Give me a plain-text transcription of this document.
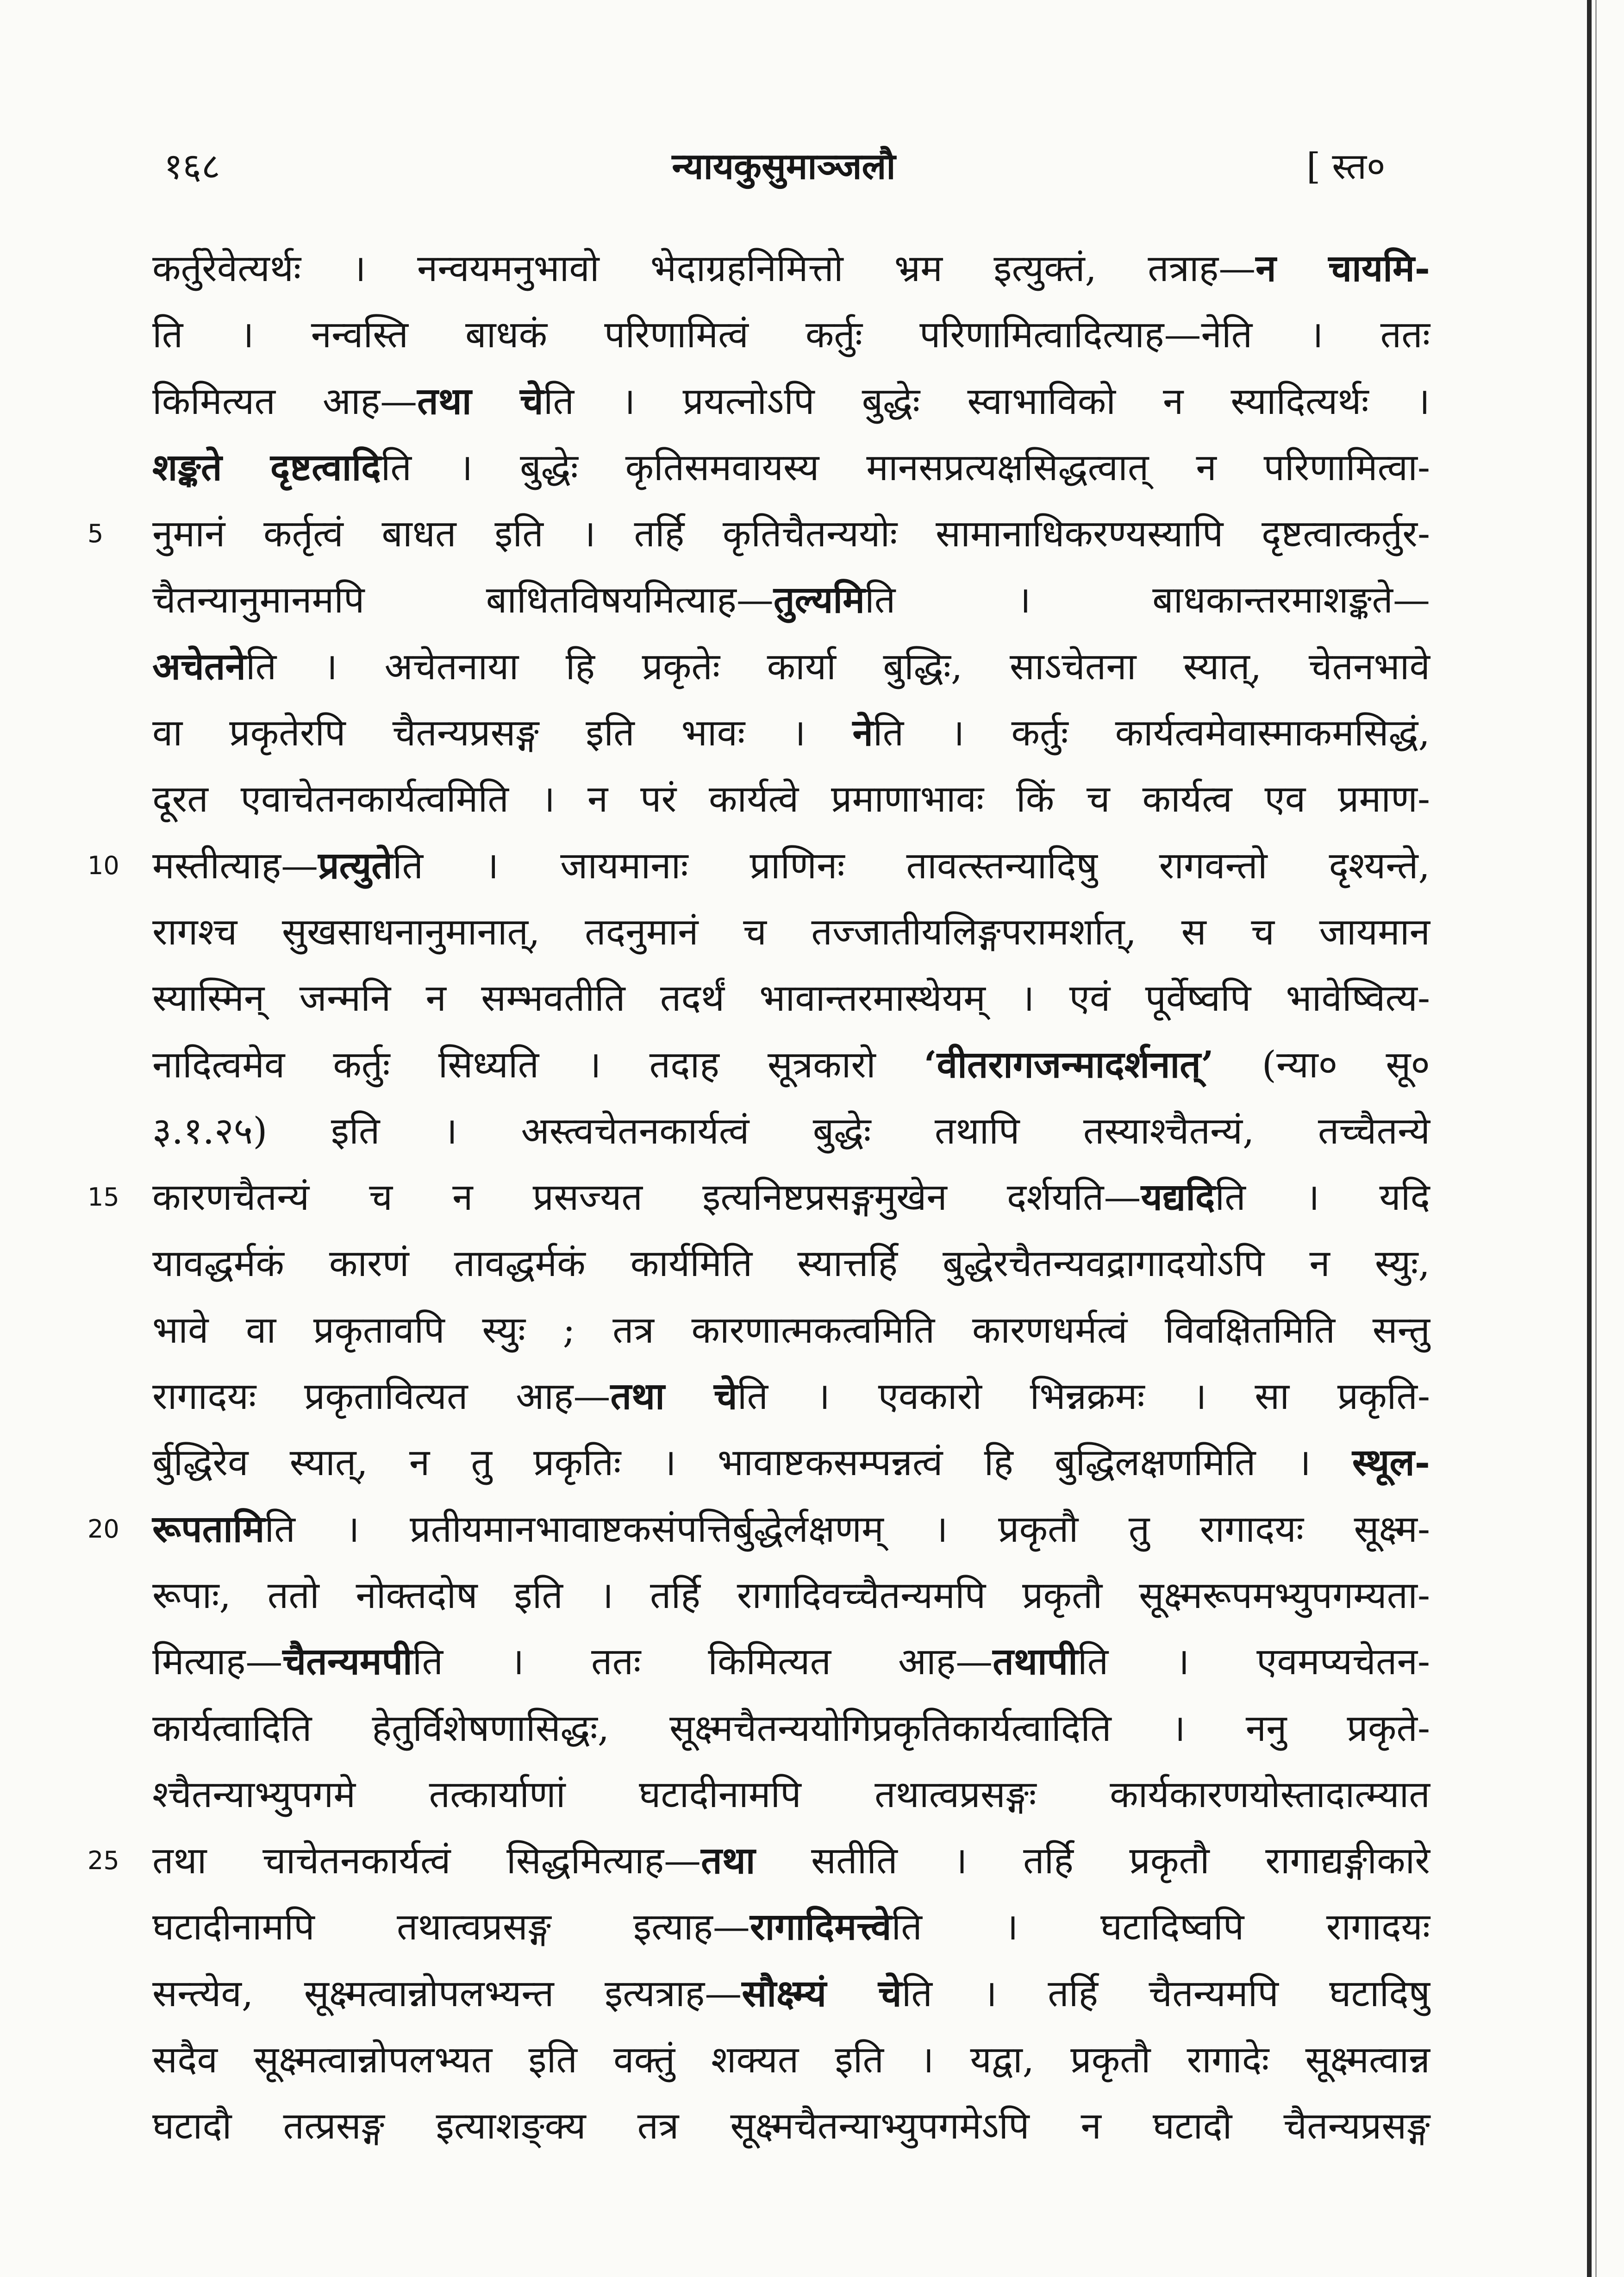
१६८	न्यायकुसुमाञ्जलौ	[ स्त०
कर्तुरेवेत्यर्थः । नन्वयमनुभावो भेदाग्रहनिमित्तो भ्रम इत्युक्तं, तत्राह—न चायमि-
ति । नन्वस्ति बाधकं परिणामित्वं कर्तुः परिणामित्वादित्याह—नेति । ततः
किमित्यत आह—तथा चेति । प्रयत्नोऽपि बुद्धेः स्वाभाविको न स्यादित्यर्थः ।
शङ्कते दृष्टत्वादिति । बुद्धेः कृतिसमवायस्य मानसप्रत्यक्षसिद्धत्वात् न परिणामित्वा-
5	नुमानं कर्तृत्वं बाधत इति । तर्हि कृतिचैतन्ययोः सामानाधिकरण्यस्यापि दृष्टत्वात्कर्तुर-
चैतन्यानुमानमपि बाधितविषयमित्याह—तुल्यमिति । बाधकान्तरमाशङ्कते—
अचेतनेति । अचेतनाया हि प्रकृतेः कार्या बुद्धिः, साऽचेतना स्यात्, चेतनभावे
वा प्रकृतेरपि चैतन्यप्रसङ्ग इति भावः । नेति । कर्तुः कार्यत्वमेवास्माकमसिद्धं,
दूरत एवाचेतनकार्यत्वमिति । न परं कार्यत्वे प्रमाणाभावः किं च कार्यत्व एव प्रमाण-
10 मस्तीत्याह—प्रत्युतेति । जायमानाः प्राणिनः तावत्स्तन्यादिषु रागवन्तो दृश्यन्ते,
रागश्च सुखसाधनानुमानात्, तदनुमानं च तज्जातीयलिङ्गपरामर्शात्, स च जायमान
स्यास्मिन् जन्मनि न सम्भवतीति तदर्थं भावान्तरमास्थेयम् । एवं पूर्वेष्वपि भावेष्वित्य-
नादित्वमेव कर्तुः सिध्यति । तदाह सूत्रकारो ‘वीतरागजन्मादर्शनात्’ (न्या० सू०
३.१.२५) इति । अस्त्वचेतनकार्यत्वं बुद्धेः तथापि तस्याश्चैतन्यं, तच्चैतन्ये
15 कारणचैतन्यं च न प्रसज्यत इत्यनिष्टप्रसङ्गमुखेन दर्शयति—यद्यदिति । यदि
यावद्धर्मकं कारणं तावद्धर्मकं कार्यमिति स्यात्तर्हि बुद्धेरचैतन्यवद्रागादयोऽपि न स्युः,
भावे वा प्रकृतावपि स्युः ; तत्र कारणात्मकत्वमिति कारणधर्मत्वं विवक्षितमिति सन्तु
रागादयः प्रकृतावित्यत आह—तथा चेति । एवकारो भिन्नक्रमः । सा प्रकृति-
र्बुद्धिरेव स्यात्, न तु प्रकृतिः । भावाष्टकसम्पन्नत्वं हि बुद्धिलक्षणमिति । स्थूल-
20 रूपतामिति । प्रतीयमानभावाष्टकसंपत्तिर्बुद्धेर्लक्षणम् । प्रकृतौ तु रागादयः सूक्ष्म-
रूपाः, ततो नोक्तदोष इति । तर्हि रागादिवच्चैतन्यमपि प्रकृतौ सूक्ष्मरूपमभ्युपगम्यता-
मित्याह—चैतन्यमपीति । ततः किमित्यत आह—तथापीति । एवमप्यचेतन-
कार्यत्वादिति हेतुर्विशेषणासिद्धः, सूक्ष्मचैतन्ययोगिप्रकृतिकार्यत्वादिति । ननु प्रकृते-
श्चैतन्याभ्युपगमे तत्कार्याणां घटादीनामपि तथात्वप्रसङ्गः कार्यकारणयोस्तादात्म्यात
25 तथा चाचेतनकार्यत्वं सिद्धमित्याह—तथा सतीति । तर्हि प्रकृतौ रागाद्यङ्गीकारे
घटादीनामपि तथात्वप्रसङ्ग इत्याह—रागादिमत्त्वेति । घटादिष्वपि रागादयः
सन्त्येव, सूक्ष्मत्वान्नोपलभ्यन्त इत्यत्राह—सौक्ष्म्यं चेति । तर्हि चैतन्यमपि घटादिषु
सदैव सूक्ष्मत्वान्नोपलभ्यत इति वक्तुं शक्यत इति । यद्वा, प्रकृतौ रागादेः सूक्ष्मत्वान्न
घटादौ तत्प्रसङ्ग इत्याशङ्क्य तत्र सूक्ष्मचैतन्याभ्युपगमेऽपि न घटादौ चैतन्यप्रसङ्ग
